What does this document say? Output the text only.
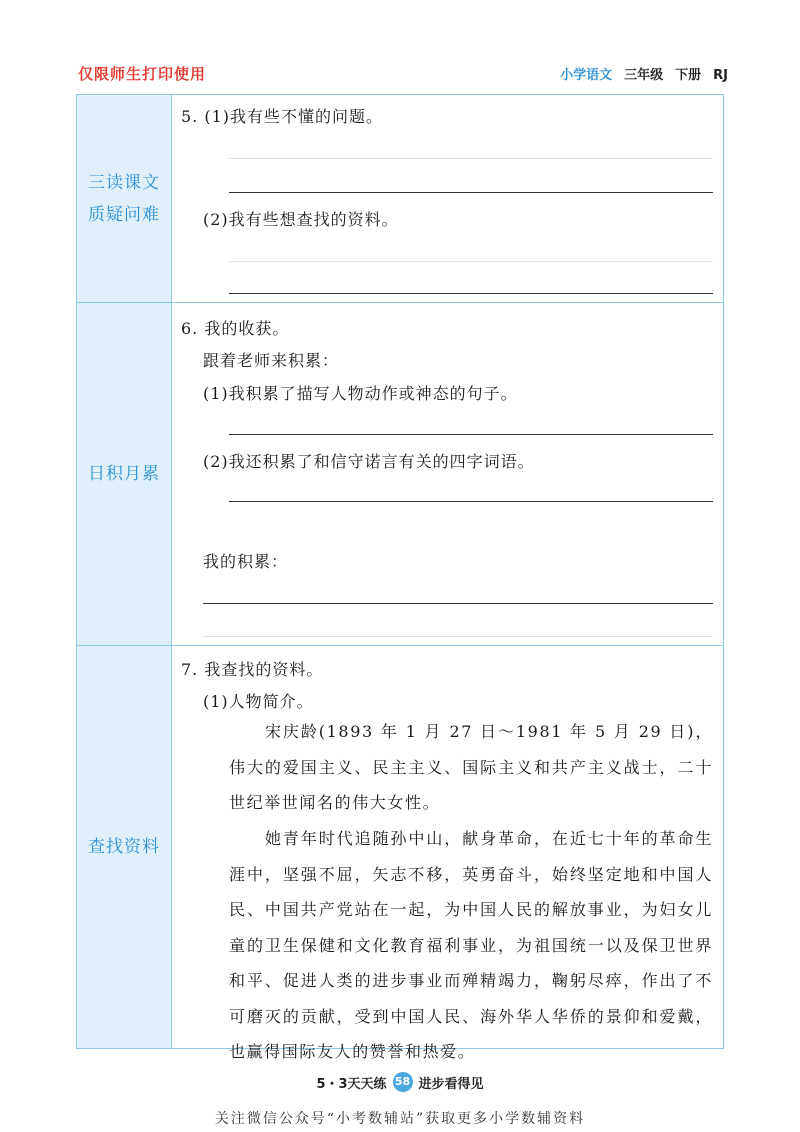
仅限师生打印使用	小学语文 三年级 下册 RJ
三读课文
质疑问难
5. (1)我有些不懂的问题。
(2)我有些想查找的资料。
日积月累
6. 我的收获。
跟着老师来积累：
(1)我积累了描写人物动作或神态的句子。
(2)我还积累了和信守诺言有关的四字词语。
我的积累：
查找资料
7. 我查找的资料。
(1)人物简介。
宋庆龄(1893 年 1 月 27 日～1981 年 5 月 29 日)，伟大的爱国主义、民主主义、国际主义和共产主义战士，二十世纪举世闻名的伟大女性。
她青年时代追随孙中山，献身革命，在近七十年的革命生涯中，坚强不屈，矢志不移，英勇奋斗，始终坚定地和中国人民、中国共产党站在一起，为中国人民的解放事业，为妇女儿童的卫生保健和文化教育福利事业，为祖国统一以及保卫世界和平、促进人类的进步事业而殚精竭力，鞠躬尽瘁，作出了不可磨灭的贡献，受到中国人民、海外华人华侨的景仰和爱戴，也赢得国际友人的赞誉和热爱。
5・3天天练 58 进步看得见
关注微信公众号“小考数辅站”获取更多小学数辅资料
